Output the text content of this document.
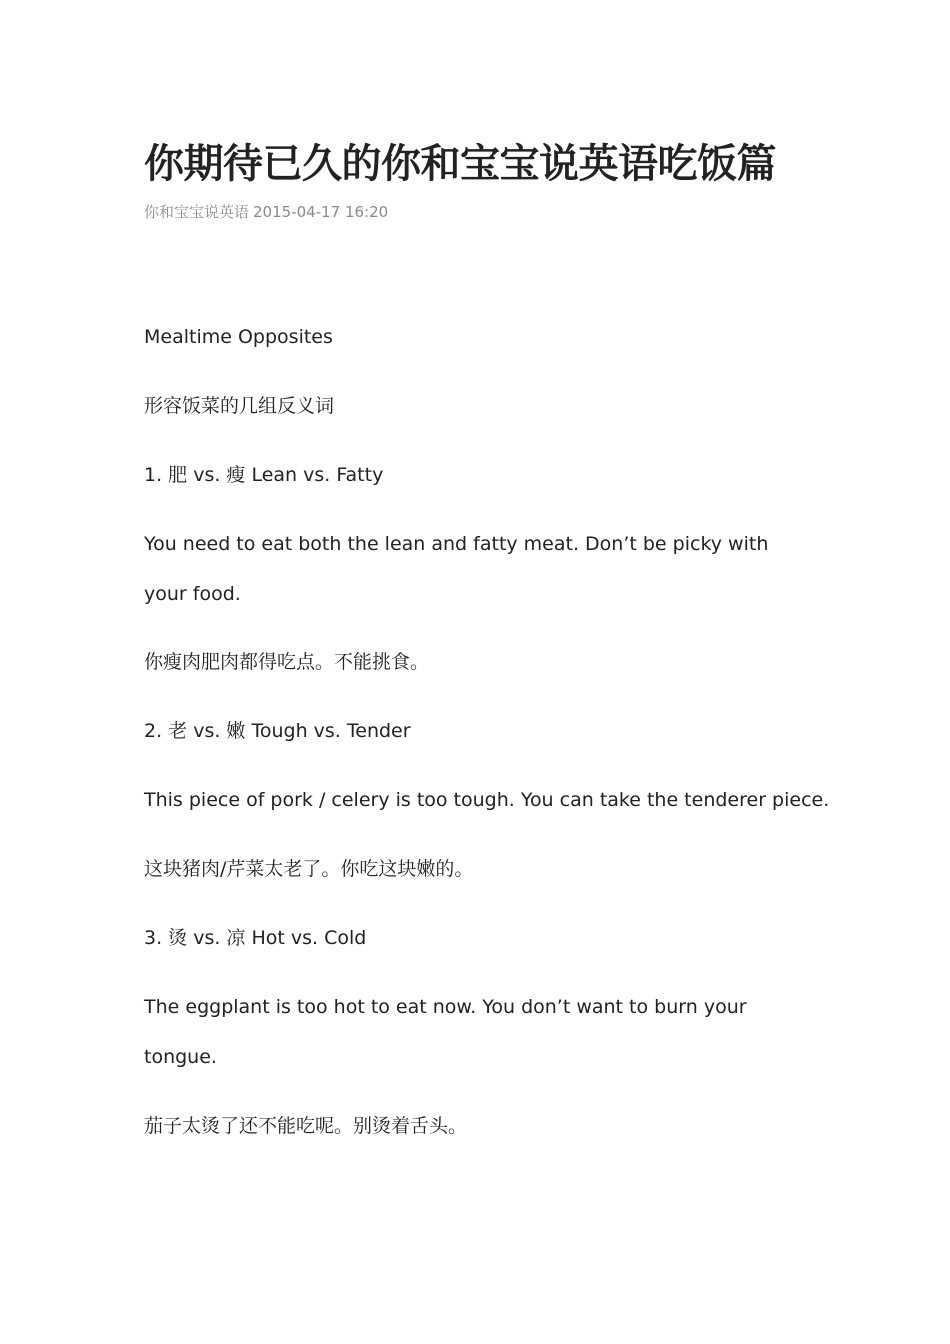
你期待已久的你和宝宝说英语吃饭篇
你和宝宝说英语 2015-04-17 16:20

Mealtime Opposites

形容饭菜的几组反义词

1. 肥 vs. 瘦 Lean vs. Fatty

You need to eat both the lean and fatty meat. Don’t be picky with your food.

你瘦肉肥肉都得吃点。不能挑食。

2. 老 vs. 嫩 Tough vs. Tender

This piece of pork / celery is too tough. You can take the tenderer piece.

这块猪肉/芹菜太老了。你吃这块嫩的。

3. 烫 vs. 凉 Hot vs. Cold

The eggplant is too hot to eat now. You don’t want to burn your tongue.

茄子太烫了还不能吃呢。别烫着舌头。
